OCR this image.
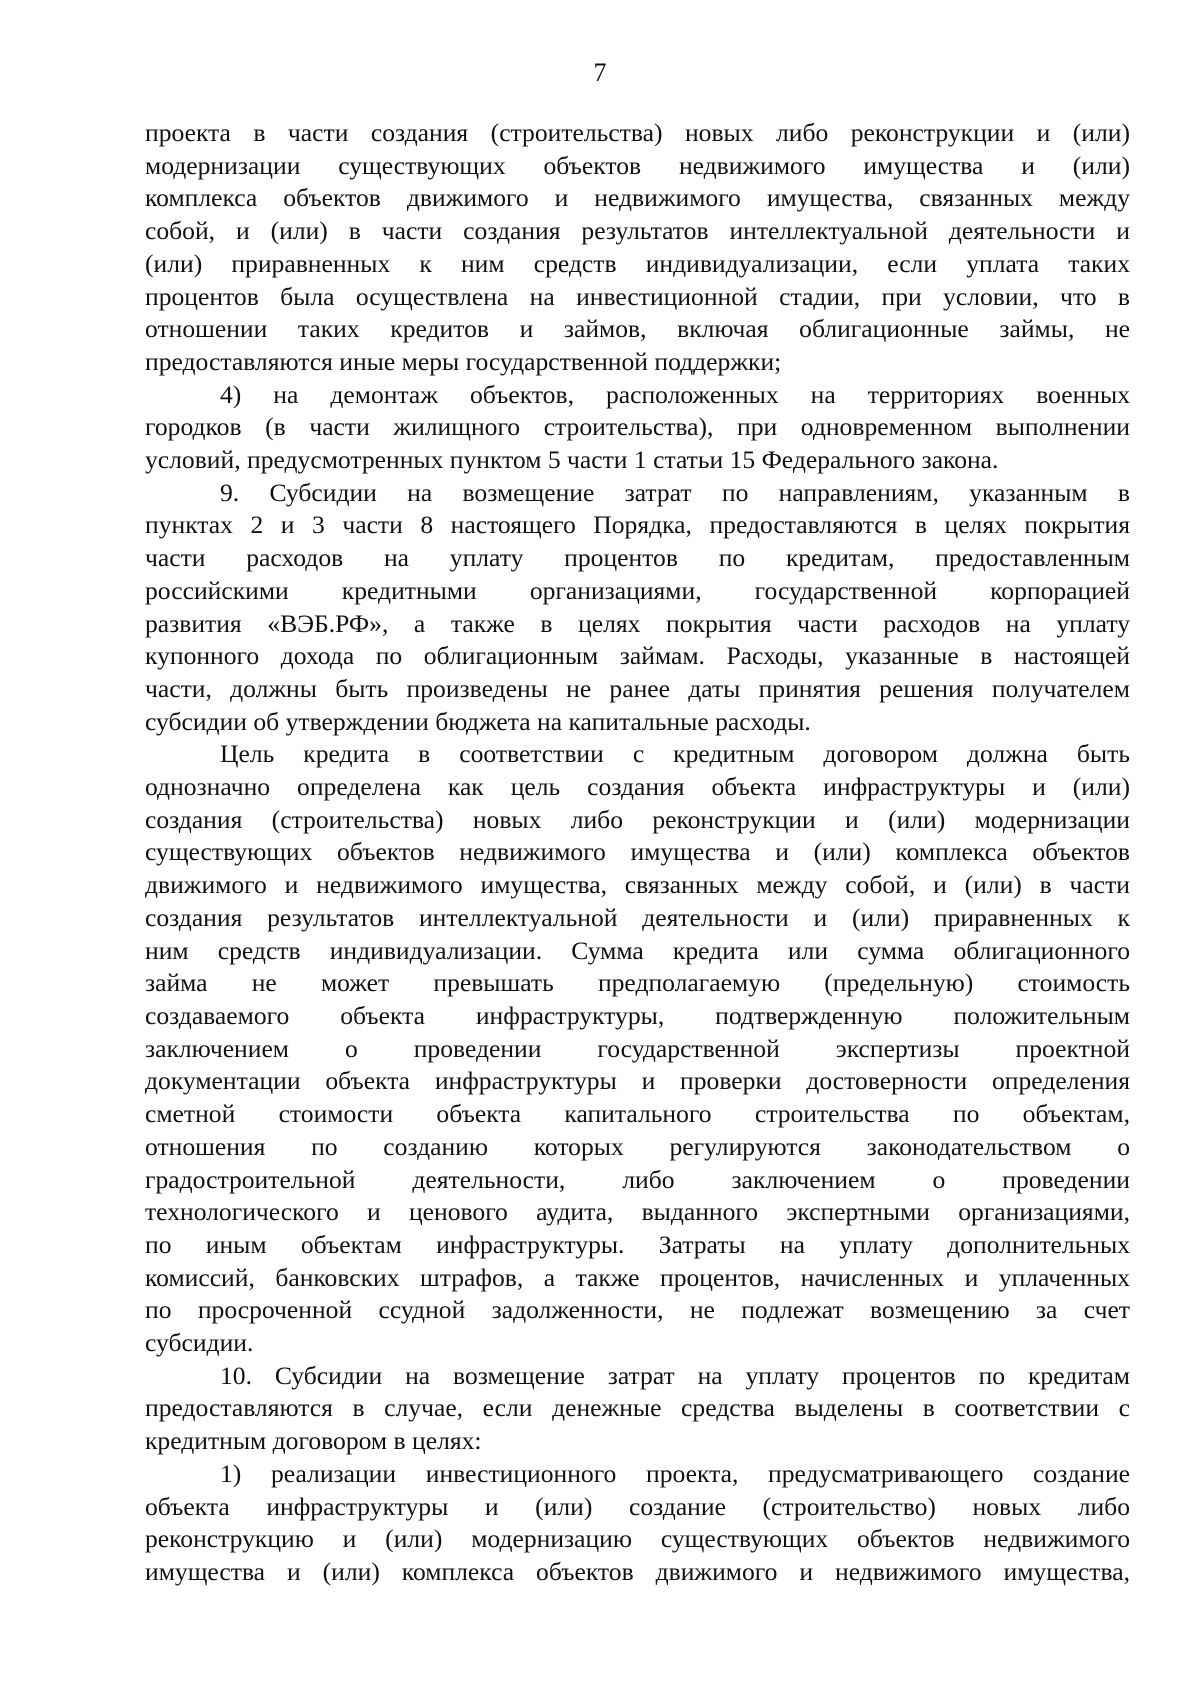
7
проекта в части создания (строительства) новых либо реконструкции и (или)
модернизации существующих объектов недвижимого имущества и (или)
комплекса объектов движимого и недвижимого имущества, связанных между
собой, и (или) в части создания результатов интеллектуальной деятельности и
(или) приравненных к ним средств индивидуализации, если уплата таких
процентов была осуществлена на инвестиционной стадии, при условии, что в
отношении таких кредитов и займов, включая облигационные займы, не
предоставляются иные меры государственной поддержки;
4) на демонтаж объектов, расположенных на территориях военных
городков (в части жилищного строительства), при одновременном выполнении
условий, предусмотренных пунктом 5 части 1 статьи 15 Федерального закона.
9. Субсидии на возмещение затрат по направлениям, указанным в
пунктах 2 и 3 части 8 настоящего Порядка, предоставляются в целях покрытия
части расходов на уплату процентов по кредитам, предоставленным
российскими кредитными организациями, государственной корпорацией
развития «ВЭБ.РФ», а также в целях покрытия части расходов на уплату
купонного дохода по облигационным займам. Расходы, указанные в настоящей
части, должны быть произведены не ранее даты принятия решения получателем
субсидии об утверждении бюджета на капитальные расходы.
Цель кредита в соответствии с кредитным договором должна быть
однозначно определена как цель создания объекта инфраструктуры и (или)
создания (строительства) новых либо реконструкции и (или) модернизации
существующих объектов недвижимого имущества и (или) комплекса объектов
движимого и недвижимого имущества, связанных между собой, и (или) в части
создания результатов интеллектуальной деятельности и (или) приравненных к
ним средств индивидуализации. Сумма кредита или сумма облигационного
займа не может превышать предполагаемую (предельную) стоимость
создаваемого объекта инфраструктуры, подтвержденную положительным
заключением о проведении государственной экспертизы проектной
документации объекта инфраструктуры и проверки достоверности определения
сметной стоимости объекта капитального строительства по объектам,
отношения по созданию которых регулируются законодательством о
градостроительной деятельности, либо заключением о проведении
технологического и ценового аудита, выданного экспертными организациями,
по иным объектам инфраструктуры. Затраты на уплату дополнительных
комиссий, банковских штрафов, а также процентов, начисленных и уплаченных
по просроченной ссудной задолженности, не подлежат возмещению за счет
субсидии.
10. Субсидии на возмещение затрат на уплату процентов по кредитам
предоставляются в случае, если денежные средства выделены в соответствии с
кредитным договором в целях:
1) реализации инвестиционного проекта, предусматривающего создание
объекта инфраструктуры и (или) создание (строительство) новых либо
реконструкцию и (или) модернизацию существующих объектов недвижимого
имущества и (или) комплекса объектов движимого и недвижимого имущества,
